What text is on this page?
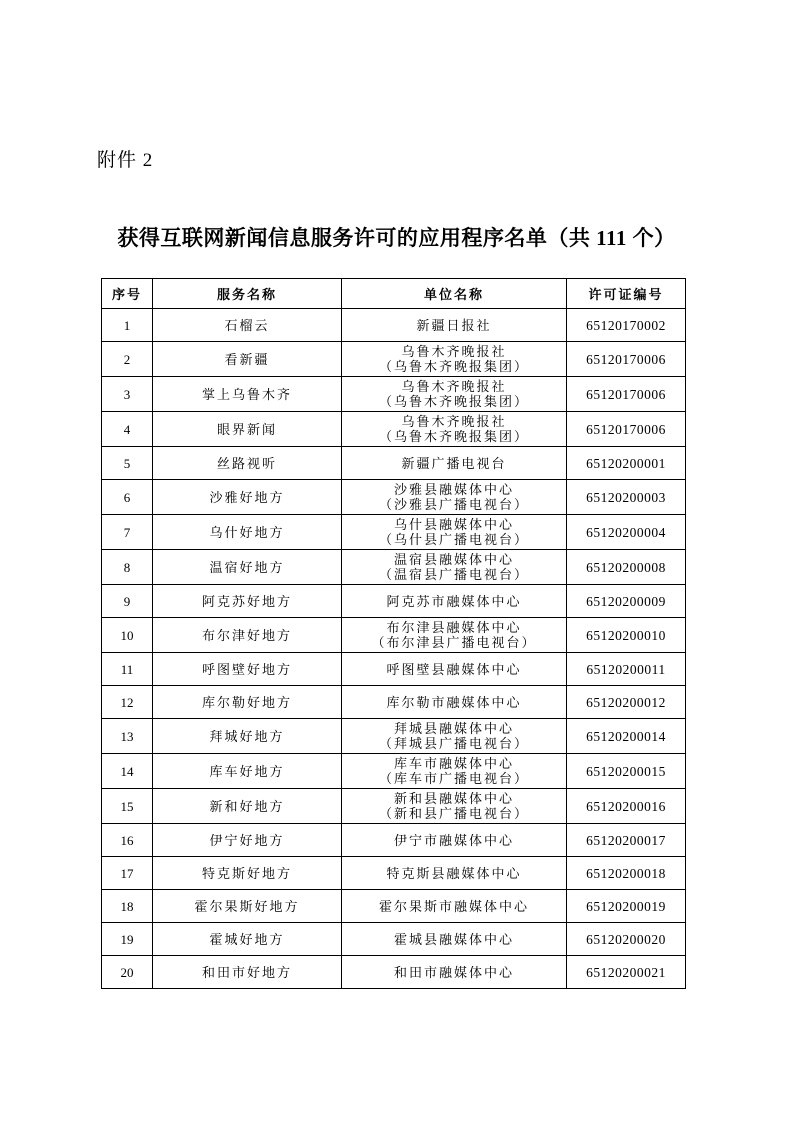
附件 2
获得互联网新闻信息服务许可的应用程序名单（共 111 个）
序号	服务名称	单位名称	许可证编号
1	石榴云	新疆日报社	65120170002
2	看新疆	乌鲁木齐晚报社
（乌鲁木齐晚报集团）	65120170006
3	掌上乌鲁木齐	乌鲁木齐晚报社
（乌鲁木齐晚报集团）	65120170006
4	眼界新闻	乌鲁木齐晚报社
（乌鲁木齐晚报集团）	65120170006
5	丝路视听	新疆广播电视台	65120200001
6	沙雅好地方	沙雅县融媒体中心
（沙雅县广播电视台）	65120200003
7	乌什好地方	乌什县融媒体中心
（乌什县广播电视台）	65120200004
8	温宿好地方	温宿县融媒体中心
（温宿县广播电视台）	65120200008
9	阿克苏好地方	阿克苏市融媒体中心	65120200009
10	布尔津好地方	布尔津县融媒体中心
（布尔津县广播电视台）	65120200010
11	呼图壁好地方	呼图壁县融媒体中心	65120200011
12	库尔勒好地方	库尔勒市融媒体中心	65120200012
13	拜城好地方	拜城县融媒体中心
（拜城县广播电视台）	65120200014
14	库车好地方	库车市融媒体中心
（库车市广播电视台）	65120200015
15	新和好地方	新和县融媒体中心
（新和县广播电视台）	65120200016
16	伊宁好地方	伊宁市融媒体中心	65120200017
17	特克斯好地方	特克斯县融媒体中心	65120200018
18	霍尔果斯好地方	霍尔果斯市融媒体中心	65120200019
19	霍城好地方	霍城县融媒体中心	65120200020
20	和田市好地方	和田市融媒体中心	65120200021
